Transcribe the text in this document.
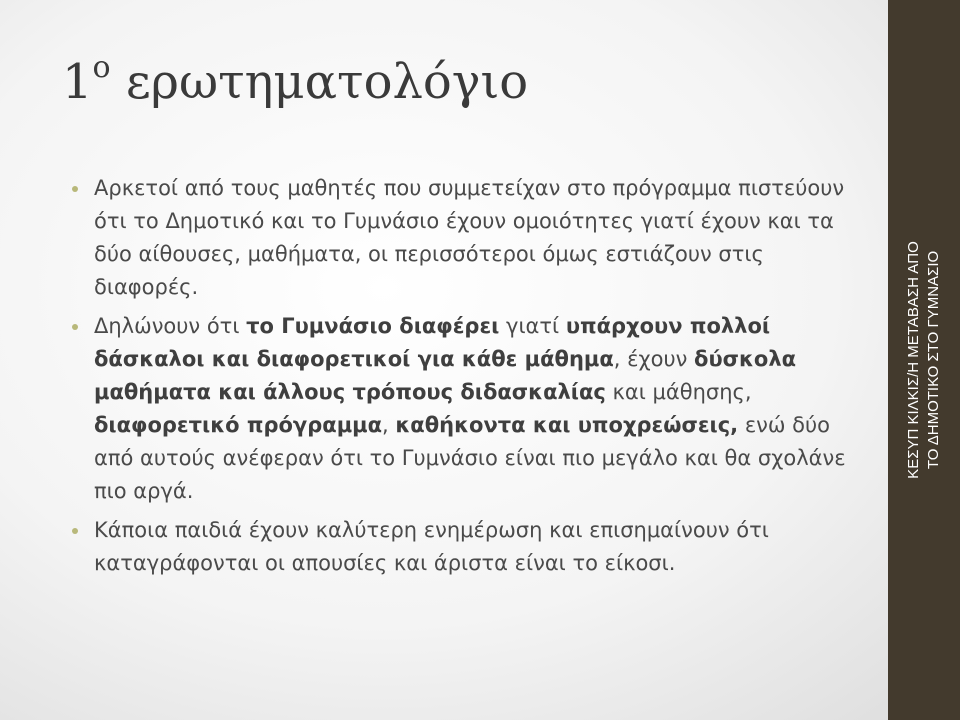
$1^o$ ερωτηματολόγιο
Αρκετοί από τους μαθητές που συμμετείχαν στο πρόγραμμα πιστεύουν ότι το Δημοτικό και το Γυμνάσιο έχουν ομοιότητες γιατί έχουν και τα δύο αίθουσες, μαθήματα, οι περισσότεροι όμως εστιάζουν στις διαφορές.
Δηλώνουν ότι το Γυμνάσιο διαφέρει γιατί υπάρχουν πολλοί δάσκαλοι και διαφορετικοί για κάθε μάθημα, έχουν δύσκολα μαθήματα και άλλους τρόπους διδασκαλίας και μάθησης, διαφορετικό πρόγραμμα, καθήκοντα και υποχρεώσεις, ενώ δύο από αυτούς ανέφεραν ότι το Γυμνάσιο είναι πιο μεγάλο και θα σχολάνε πιο αργά.
Κάποια παιδιά έχουν καλύτερη ενημέρωση και επισημαίνουν ότι καταγράφονται οι απουσίες και άριστα είναι το είκοσι.
ΚΕΣΥΠ ΚΙΛΚΙΣ/Η ΜΕΤΑΒΑΣΗ ΑΠΟ ΤΟ ΔΗΜΟΤΙΚΟ ΣΤΟ ΓΥΜΝΑΣΙΟ
